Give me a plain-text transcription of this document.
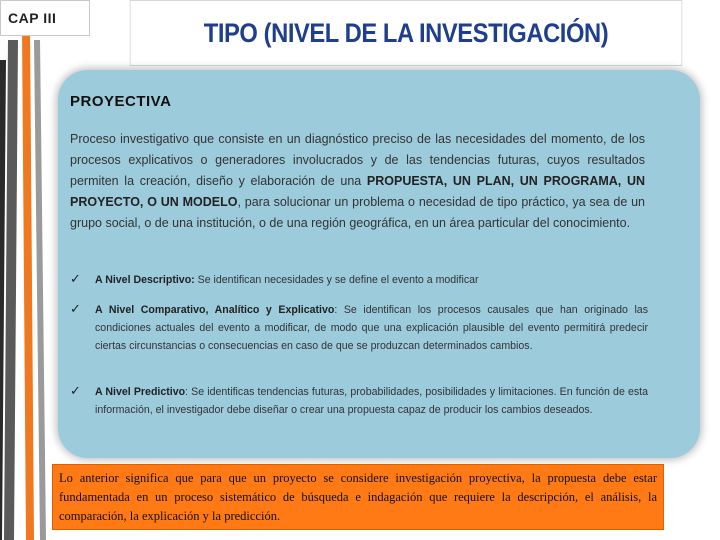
CAP III	TIPO (NIVEL DE LA INVESTIGACIÓN)
PROYECTIVA
Proceso investigativo que consiste en un diagnóstico preciso de las necesidades del momento, de los procesos explicativos o generadores involucrados y de las tendencias futuras, cuyos resultados permiten la creación, diseño y elaboración de una PROPUESTA, UN PLAN, UN PROGRAMA, UN PROYECTO, O UN MODELO, para solucionar un problema o necesidad de tipo práctico, ya sea de un grupo social, o de una institución, o de una región geográfica, en un área particular del conocimiento.
✓	A Nivel Descriptivo: Se identifican necesidades y se define el evento a modificar
✓	A Nivel Comparativo, Analítico y Explicativo: Se identifican los procesos causales que han originado las condiciones actuales del evento a modificar, de modo que una explicación plausible del evento permitirá predecir ciertas circunstancias o consecuencias en caso de que se produzcan determinados cambios.
✓	A Nivel Predictivo: Se identificas tendencias futuras, probabilidades, posibilidades y limitaciones. En función de esta información, el investigador debe diseñar o crear una propuesta capaz de producir los cambios deseados.
Lo anterior significa que para que un proyecto se considere investigación proyectiva, la propuesta debe estar fundamentada en un proceso sistemático de búsqueda e indagación que requiere la descripción, el análisis, la comparación, la explicación y la predicción.
